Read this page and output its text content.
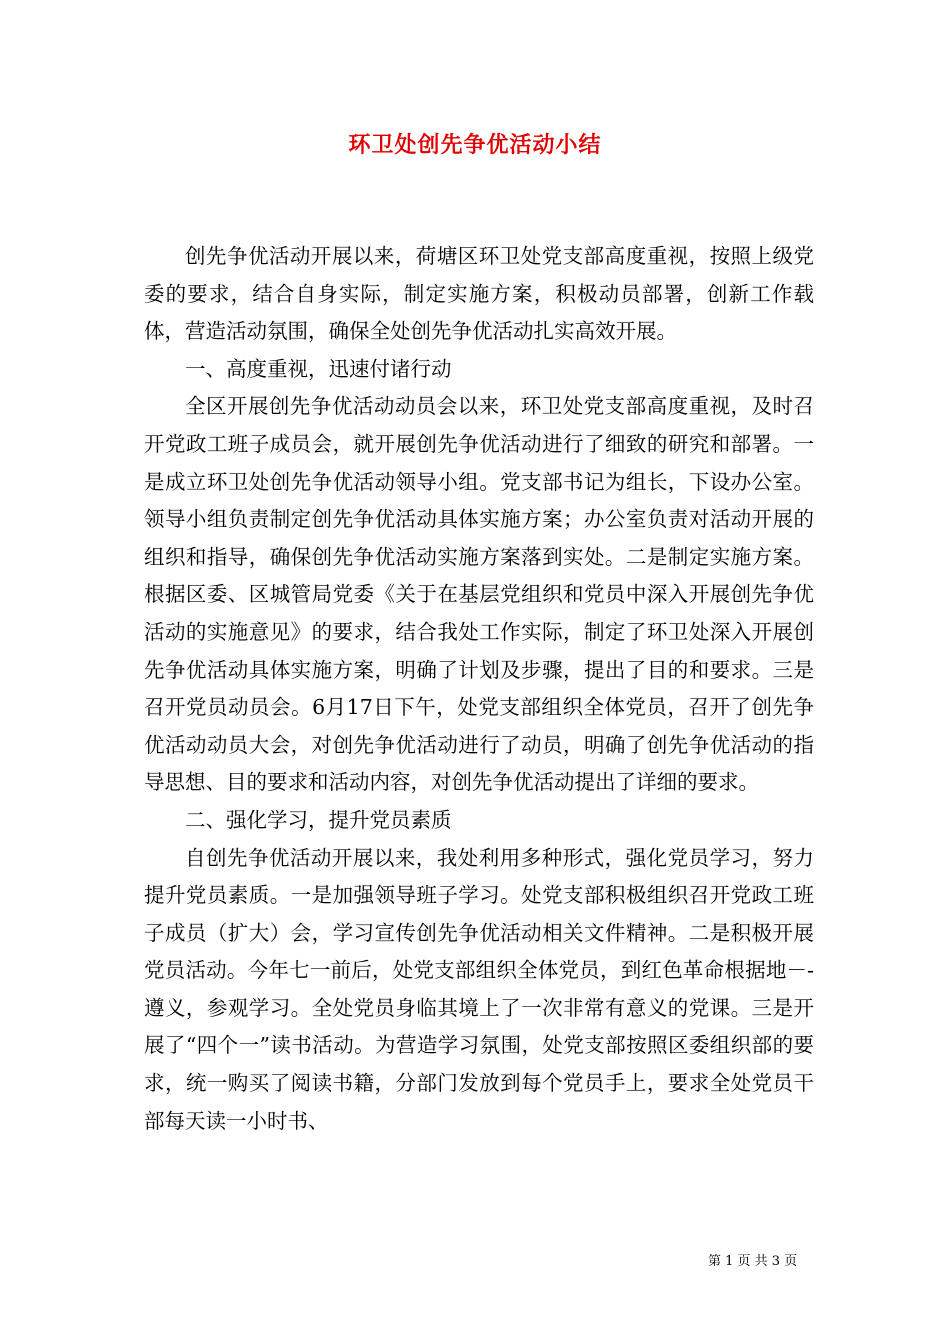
环卫处创先争优活动小结

创先争优活动开展以来，荷塘区环卫处党支部高度重视，按照上级党委的要求，结合自身实际，制定实施方案，积极动员部署，创新工作载体，营造活动氛围，确保全处创先争优活动扎实高效开展。

一、高度重视，迅速付诸行动

全区开展创先争优活动动员会以来，环卫处党支部高度重视，及时召开党政工班子成员会，就开展创先争优活动进行了细致的研究和部署。一是成立环卫处创先争优活动领导小组。党支部书记为组长，下设办公室。领导小组负责制定创先争优活动具体实施方案；办公室负责对活动开展的组织和指导，确保创先争优活动实施方案落到实处。二是制定实施方案。根据区委、区城管局党委《关于在基层党组织和党员中深入开展创先争优活动的实施意见》的要求，结合我处工作实际，制定了环卫处深入开展创先争优活动具体实施方案，明确了计划及步骤，提出了目的和要求。三是召开党员动员会。6月17日下午，处党支部组织全体党员，召开了创先争优活动动员大会，对创先争优活动进行了动员，明确了创先争优活动的指导思想、目的要求和活动内容，对创先争优活动提出了详细的要求。

二、强化学习，提升党员素质

自创先争优活动开展以来，我处利用多种形式，强化党员学习，努力提升党员素质。一是加强领导班子学习。处党支部积极组织召开党政工班子成员（扩大）会，学习宣传创先争优活动相关文件精神。二是积极开展党员活动。今年七一前后，处党支部组织全体党员，到红色革命根据地－-遵义，参观学习。全处党员身临其境上了一次非常有意义的党课。三是开展了“四个一”读书活动。为营造学习氛围，处党支部按照区委组织部的要求，统一购买了阅读书籍，分部门发放到每个党员手上，要求全处党员干部每天读一小时书、

第 1 页 共 3 页
